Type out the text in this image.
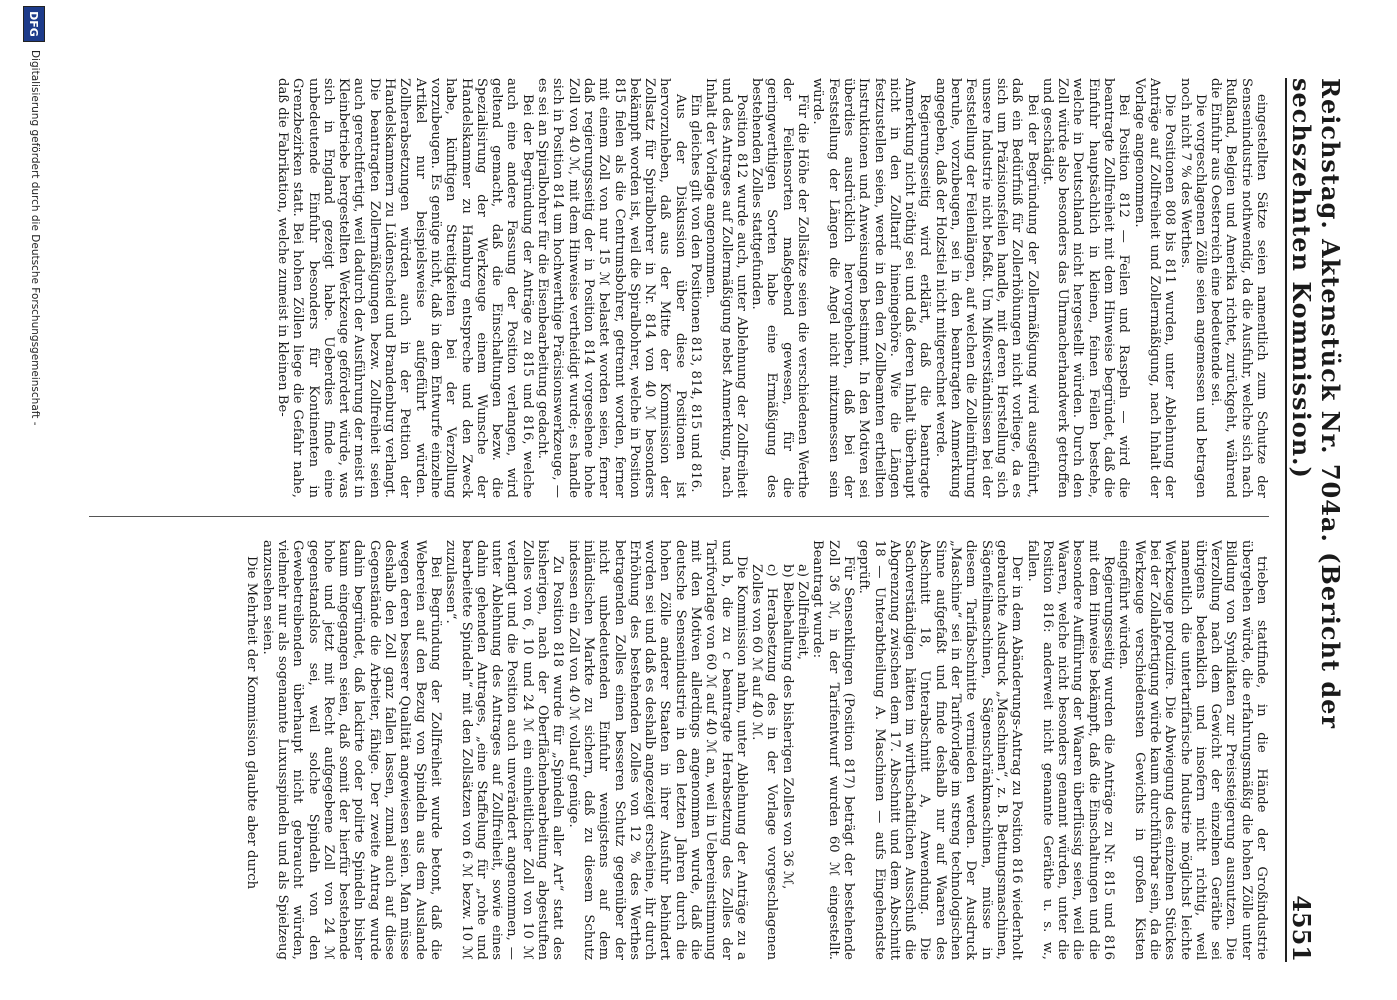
Reichstag. Aktenstück Nr. 704a. (Bericht der sechszehnten Kommission.)
4551

eingestellten Sätze seien namentlich zum Schutze der Sensenindustrie nothwendig, da die Ausfuhr, welche sich nach Rußland, Belgien und Amerika richtet, zurückgeht, während die Einfuhr aus Oesterreich eine bedeutende sei.

Die vorgeschlagenen Zölle seien angemessen und betragen noch nicht 7 % des Werthes.

Die Positionen 808 bis 811 wurden, unter Ablehnung der Anträge auf Zollfreiheit und Zollermäßigung, nach Inhalt der Vorlage angenommen.

Bei Position 812 — Feilen und Raspeln — wird die beantragte Zollfreiheit mit dem Hinweise begründet, daß die Einfuhr hauptsächlich in kleinen, feinen Feilen bestehe, welche in Deutschland nicht hergestellt würden. Durch den Zoll würde also besonders das Uhrmacherhandwerk getroffen und geschädigt.

Bei der Begründung der Zollermäßigung wird ausgeführt, daß ein Bedürfniß für Zollerhöhungen nicht vorliege, da es sich um Präzisionsfeilen handle, mit deren Herstellung sich unsere Industrie nicht befaßt. Um Mißverständnissen bei der Feststellung der Feilenlängen, auf welchen die Zolleinführung beruhe, vorzubeugen, sei in den beantragten Anmerkung angegeben, daß der Holzstiel nicht mitgerechnet werde.

Regierungsseitig wird erklärt, daß die beantragte Anmerkung nicht nöthig sei und daß deren Inhalt überhaupt nicht in den Zolltarif hineingehöre. Wie die Längen festzustellen seien, werde in den den Zollbeamten ertheilten Instruktionen und Anweisungen bestimmt. In den Motiven sei überdies ausdrücklich hervorgehoben, daß bei der Feststellung der Längen die Angel nicht mitzumessen sein würde.

Für die Höhe der Zollsätze seien die verschiedenen Werthe der Feilensorten maßgebend gewesen, für die geringwerthigen Sorten habe eine Ermäßigung des bestehenden Zolles stattgefunden.

Position 812 wurde auch, unter Ablehnung der Zollfreiheit und des Antrages auf Zollermäßigung nebst Anmerkung, nach Inhalt der Vorlage angenommen.

Ein gleiches gilt von den Positionen 813, 814, 815 und 816.

Aus der Diskussion über diese Positionen ist hervorzuheben, daß aus der Mitte der Kommission der Zollsatz für Spiralbohrer in Nr. 814 von 40 ℳ besonders bekämpft worden ist, weil die Spiralbohrer, welche in Position 815 fielen als die Centrumsbohrer, getrennt worden, ferner mit einem Zoll von nur 15 ℳ belastet worden seien, ferner daß regierungsseitig der in Position 814 vorgesehene hohe Zoll von 40 ℳ, mit dem Hinweise vertheidigt wurde; es handle sich in Position 814 um hochwerthige Präcisionswerkzeuge, — es sei an Spiralbohrer für die Eisenbearbeitung gedacht.

Bei der Begründung der Anträge zu 815 und 816, welche auch eine andere Fassung der Position verlangen, wird geltend gemacht, daß die Einschaltungen bezw. die Spezialisirung der Werkzeuge einem Wunsche der Handelskammer zu Hamburg entspreche und den Zweck habe, künftigen Streitigkeiten bei der Verzollung vorzubeugen. Es genüge nicht, daß in dem Entwurfe einzelne Artikel nur beispielsweise aufgeführt würden. Zollherabsetzungen würden auch in der Petition der Handelskammern zu Lüdenscheid und Brandenburg verlangt. Die beantragten Zollermäßigungen bezw. Zollfreiheit seien auch gerechtfertigt, weil dadurch der Ausführung der meist in Kleinbetriebe hergestellten Werkzeuge gefördert würde, was sich in England gezeigt habe. Ueberdies finde eine unbedeutende Einfuhr besonders für Kontinenten in Grenzbezirken statt. Bei hohen Zöllen liege die Gefahr nahe, daß die Fabrikation, welche zumeist in kleinen Be-

trieben stattfinde, in die Hände der Großindustrie übergehen würde, die erfahrungsmäßig die hohen Zölle unter Bildung von Syndikaten zur Preissteigerung ausnutzen. Die Verzollung nach dem Gewicht der einzelnen Geräthe sei übrigens bedenklich und insofern nicht richtig, weil namentlich die untertarifarische Industrie möglichst leichte Werkzeuge produzire. Die Abwiegung des einzelnen Stückes bei der Zollabfertigung würde kaum durchführbar sein, da die Werkzeuge verschiedensten Gewichts in großen Kisten eingeführt würden.

Regierungsseitig wurden die Anträge zu Nr. 815 und 816 mit dem Hinweise bekämpft, daß die Einschaltungen und die besondere Aufführung der Waaren überflüssig seien, weil die Waaren, welche nicht besonders genannt würden, unter die Position 816: anderweit nicht genannte Geräthe u. s. w., fallen.

Der in dem Abänderungs-Antrag zu Position 816 wiederholt gebrauchte Ausdruck „Maschinen“, z. B. Bettungsmaschinen, Sägenfeilmaschinen, Sägenschränkmaschinen, müsse in diesem Tarifabschnitte vermieden werden. Der Ausdruck „Maschine“ sei in der Tarifvorlage im streng technologischen Sinne aufgefaßt und finde deshalb nur auf Waaren des Abschnitt 18, Unterabschnitt A, Anwendung. Die Sachverständigen hätten im wirthschaftlichen Ausschuß die Abgrenzung zwischen dem 17. Abschnitt und dem Abschnitt 18 — Unterabtheilung A. Maschinen — aufs Eingehendste geprüft.

Für Sensenklingen (Position 817) beträgt der bestehende Zoll 36 ℳ, in der Tarifentwurf wurden 60 ℳ eingestellt. Beantragt wurde:

a) Zollfreiheit,

b) Beibehaltung des bisherigen Zolles von 36 ℳ,

c) Herabsetzung des in der Vorlage vorgeschlagenen Zolles von 60 ℳ auf 40 ℳ.

Die Kommission nahm, unter Ablehnung der Anträge zu a und b, die zu c beantragte Herabsetzung des Zolles der Tarifvorlage von 60 ℳ auf 40 ℳ an, weil in Uebereinstimmung mit den Motiven allerdings angenommen wurde, daß die deutsche Sensenindustrie in den letzten Jahren durch die hohen Zölle anderer Staaten in ihrer Ausfuhr behindert worden sei und daß es deshalb angezeigt erscheine, ihr durch Erhöhung des bestehenden Zolles von 12 % des Werthes betragenden Zolles einen besseren Schutz gegenüber der nicht unbedeutenden Einfuhr wenigstens auf dem inländischen Markte zu sichern, daß zu diesem Schutz indessen ein Zoll von 40 ℳ vollauf genüge.

Zu Position 818 wurde für „Spindeln aller Art“ statt des bisherigen, nach der Oberflächenbearbeitung abgestuften Zolles von 6, 10 und 24 ℳ ein einheitlicher Zoll von 10 ℳ verlangt und die Position auch unverändert angenommen, — unter Ablehnung des Antrages auf Zollfreiheit, sowie eines dahin gehenden Antrages, „eine Staffelung für „rohe und bearbeitete Spindeln“ mit den Zollsätzen von 6 ℳ bezw. 10 ℳ zuzulassen“.

Bei Begründung der Zollfreiheit wurde betont, daß die Webereien auf den Bezug von Spindeln aus dem Auslande wegen deren besserer Qualität angewiesen seien. Man müsse deshalb den Zoll ganz fallen lassen, zumal auch auf diese Gegenstände die Arbeiter, fähige. Der zweite Antrag wurde dahin begründet, daß lackirte oder polirte Spindeln bisher kaum eingegangen seien, daß somit der hierfür bestehende hohe und jetzt mit Recht aufgegebene Zoll von 24 ℳ gegenstandslos sei, weil solche Spindeln von den Gewebetreibenden überhaupt nicht gebraucht würden, vielmehr nur als sogenannte Luxusspindeln und als Spielzeug anzusehen seien.

Die Mehrheit der Kommission glaubte aber durch

DFG
Digitalisierung gefördert durch die Deutsche Forschungsgemeinschaft -
